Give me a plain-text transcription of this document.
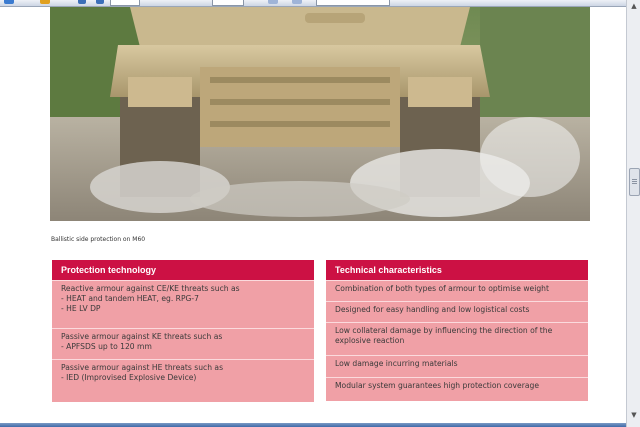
Ballistic side protection on M60
Protection technology
Reactive armour against CE/KE threats such as
- HEAT and tandem HEAT, eg. RPG-7
- HE LV DP
Passive armour against KE threats such as
- APFSDS up to 120 mm
Passive armour against HE threats such as
- IED (Improvised Explosive Device)
Technical characteristics
Combination of both types of armour to optimise weight
Designed for easy handling and low logistical costs
Low collateral damage by influencing the direction of the
explosive reaction
Low damage incurring materials
Modular system guarantees high protection coverage
▲
▼
